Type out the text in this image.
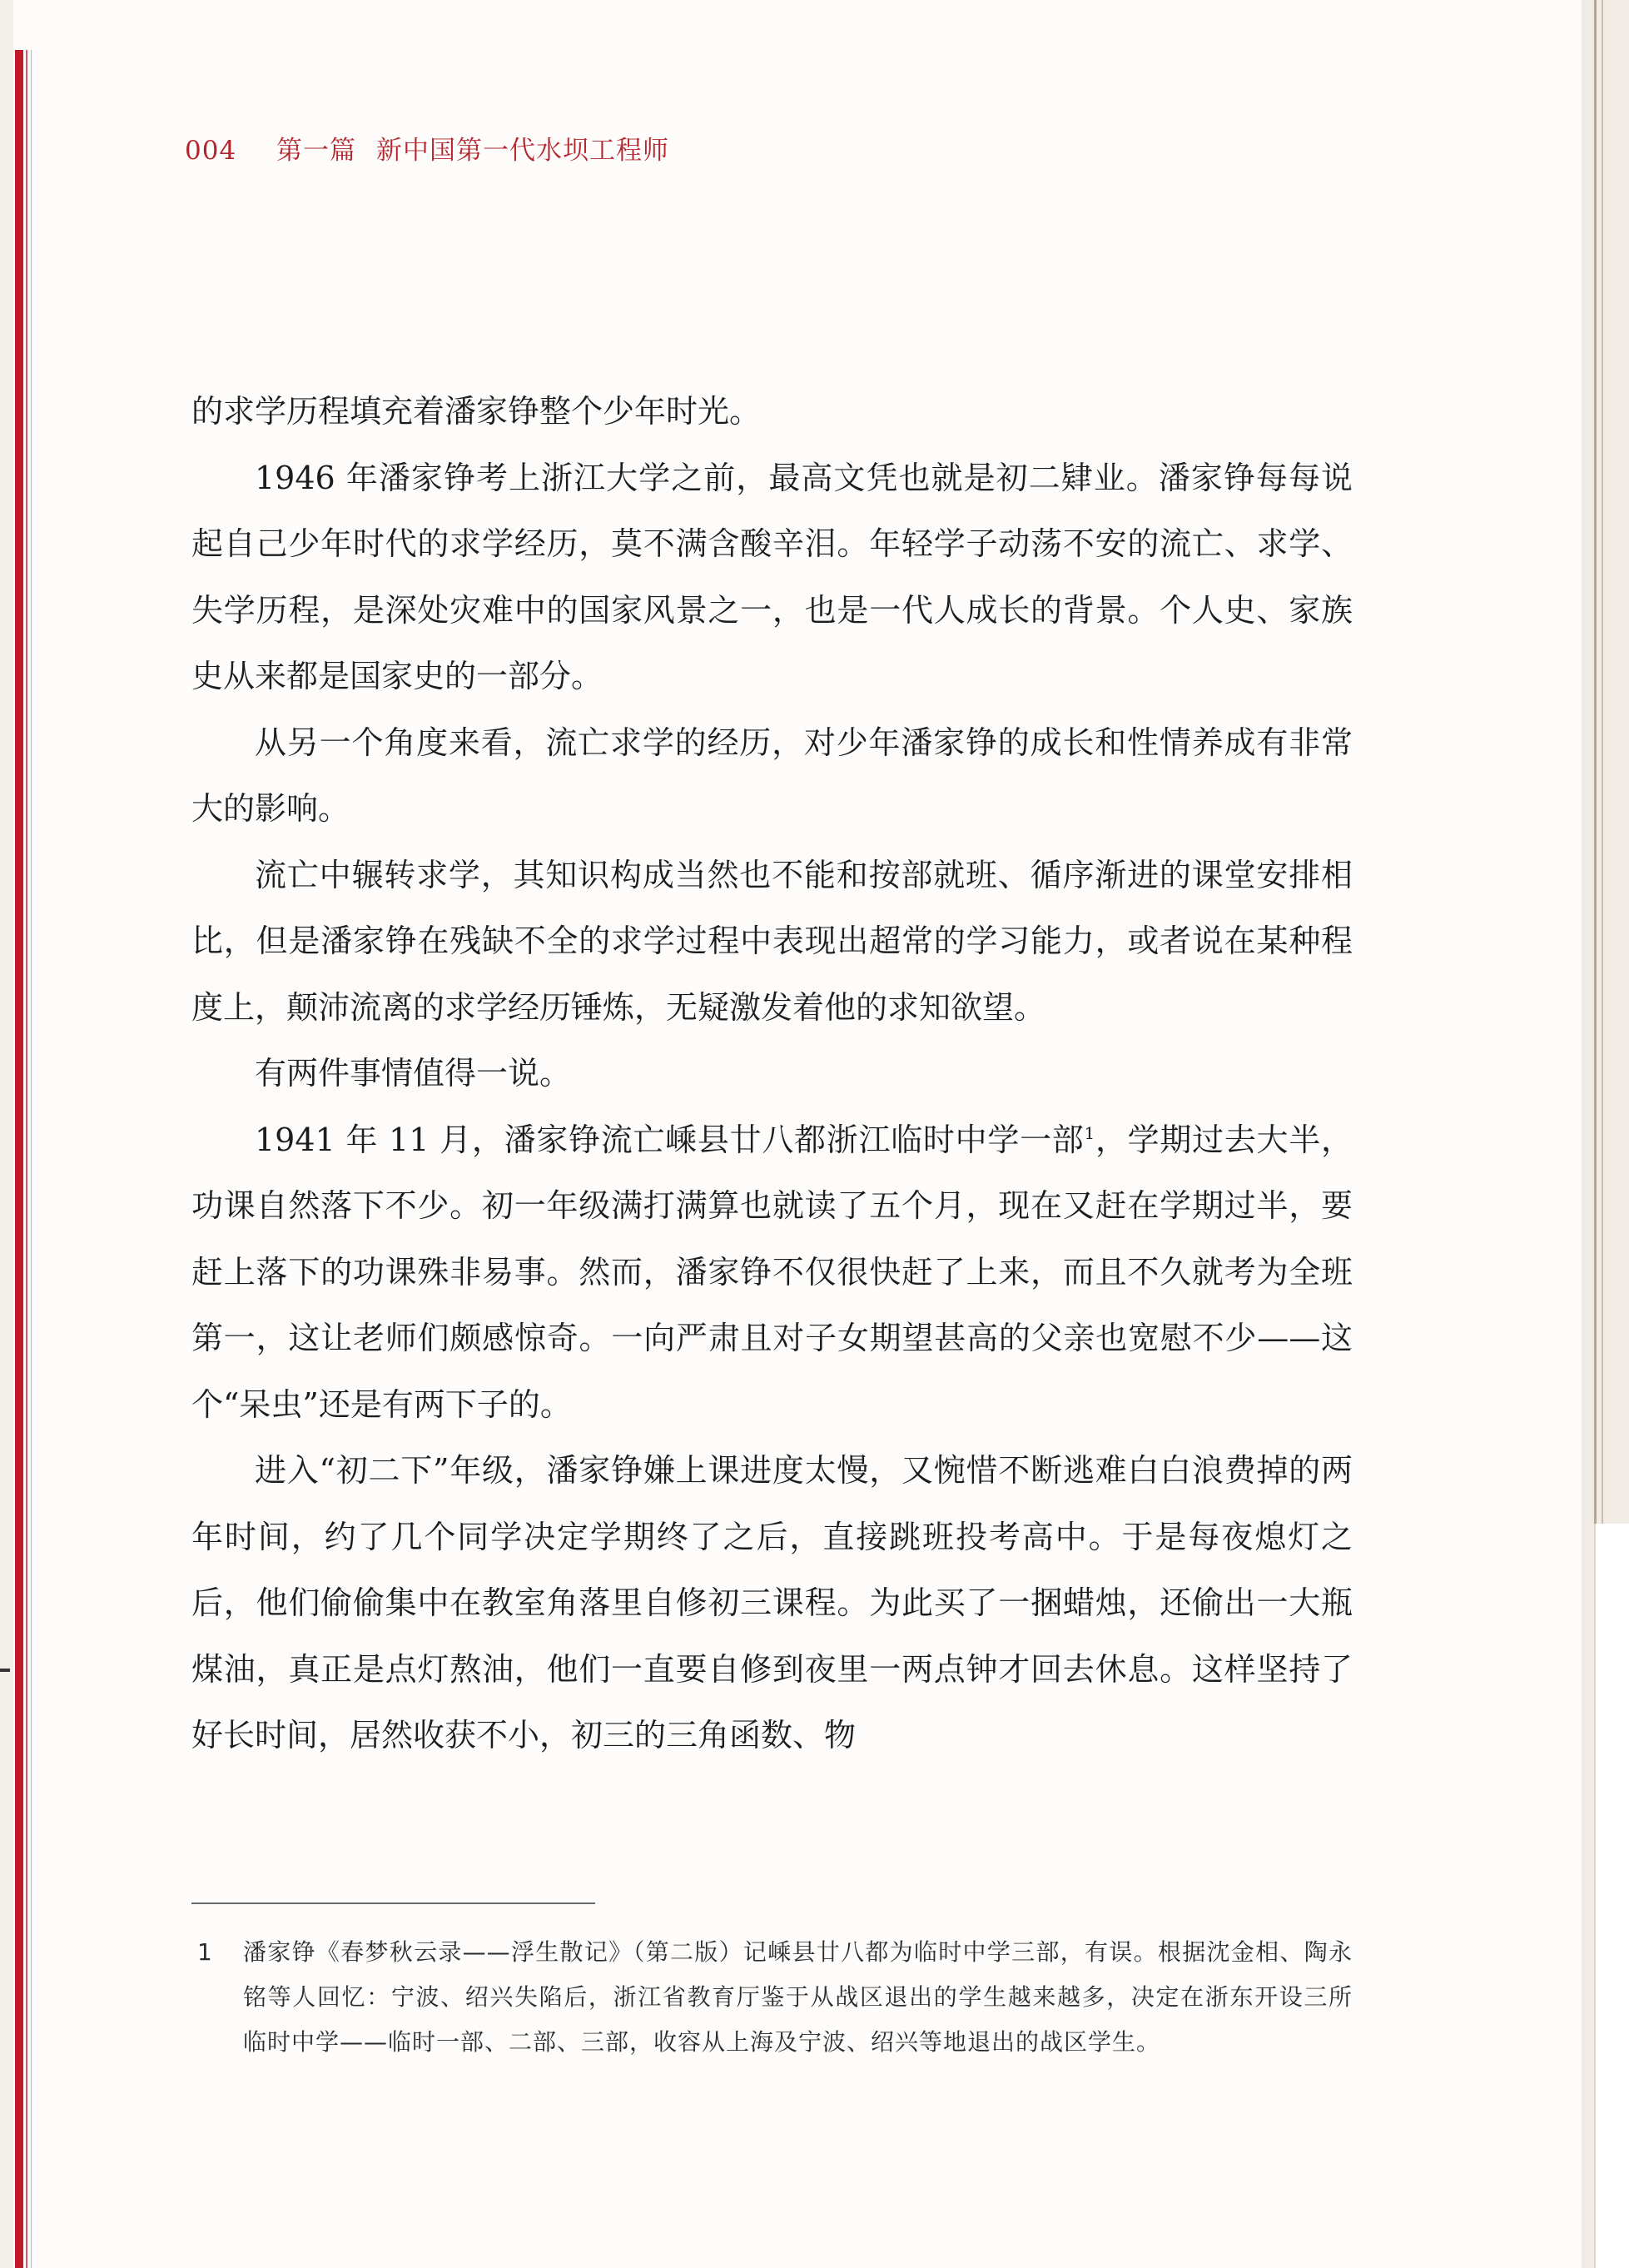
004 第一篇 新中国第一代水坝工程师

的求学历程填充着潘家铮整个少年时光。

1946 年潘家铮考上浙江大学之前，最高文凭也就是初二肄业。潘家铮每每说起自己少年时代的求学经历，莫不满含酸辛泪。年轻学子动荡不安的流亡、求学、失学历程，是深处灾难中的国家风景之一，也是一代人成长的背景。个人史、家族史从来都是国家史的一部分。

从另一个角度来看，流亡求学的经历，对少年潘家铮的成长和性情养成有非常大的影响。

流亡中辗转求学，其知识构成当然也不能和按部就班、循序渐进的课堂安排相比，但是潘家铮在残缺不全的求学过程中表现出超常的学习能力，或者说在某种程度上，颠沛流离的求学经历锤炼，无疑激发着他的求知欲望。

有两件事情值得一说。

1941 年 11 月，潘家铮流亡嵊县廿八都浙江临时中学一部$^1$，学期过去大半，功课自然落下不少。初一年级满打满算也就读了五个月，现在又赶在学期过半，要赶上落下的功课殊非易事。然而，潘家铮不仅很快赶了上来，而且不久就考为全班第一，这让老师们颇感惊奇。一向严肃且对子女期望甚高的父亲也宽慰不少——这个“呆虫”还是有两下子的。

进入“初二下”年级，潘家铮嫌上课进度太慢，又惋惜不断逃难白白浪费掉的两年时间，约了几个同学决定学期终了之后，直接跳班投考高中。于是每夜熄灯之后，他们偷偷集中在教室角落里自修初三课程。为此买了一捆蜡烛，还偷出一大瓶煤油，真正是点灯熬油，他们一直要自修到夜里一两点钟才回去休息。这样坚持了好长时间，居然收获不小，初三的三角函数、物

1 潘家铮《春梦秋云录——浮生散记》（第二版）记嵊县廿八都为临时中学三部，有误。根据沈金相、陶永铭等人回忆：宁波、绍兴失陷后，浙江省教育厅鉴于从战区退出的学生越来越多，决定在浙东开设三所临时中学——临时一部、二部、三部，收容从上海及宁波、绍兴等地退出的战区学生。
